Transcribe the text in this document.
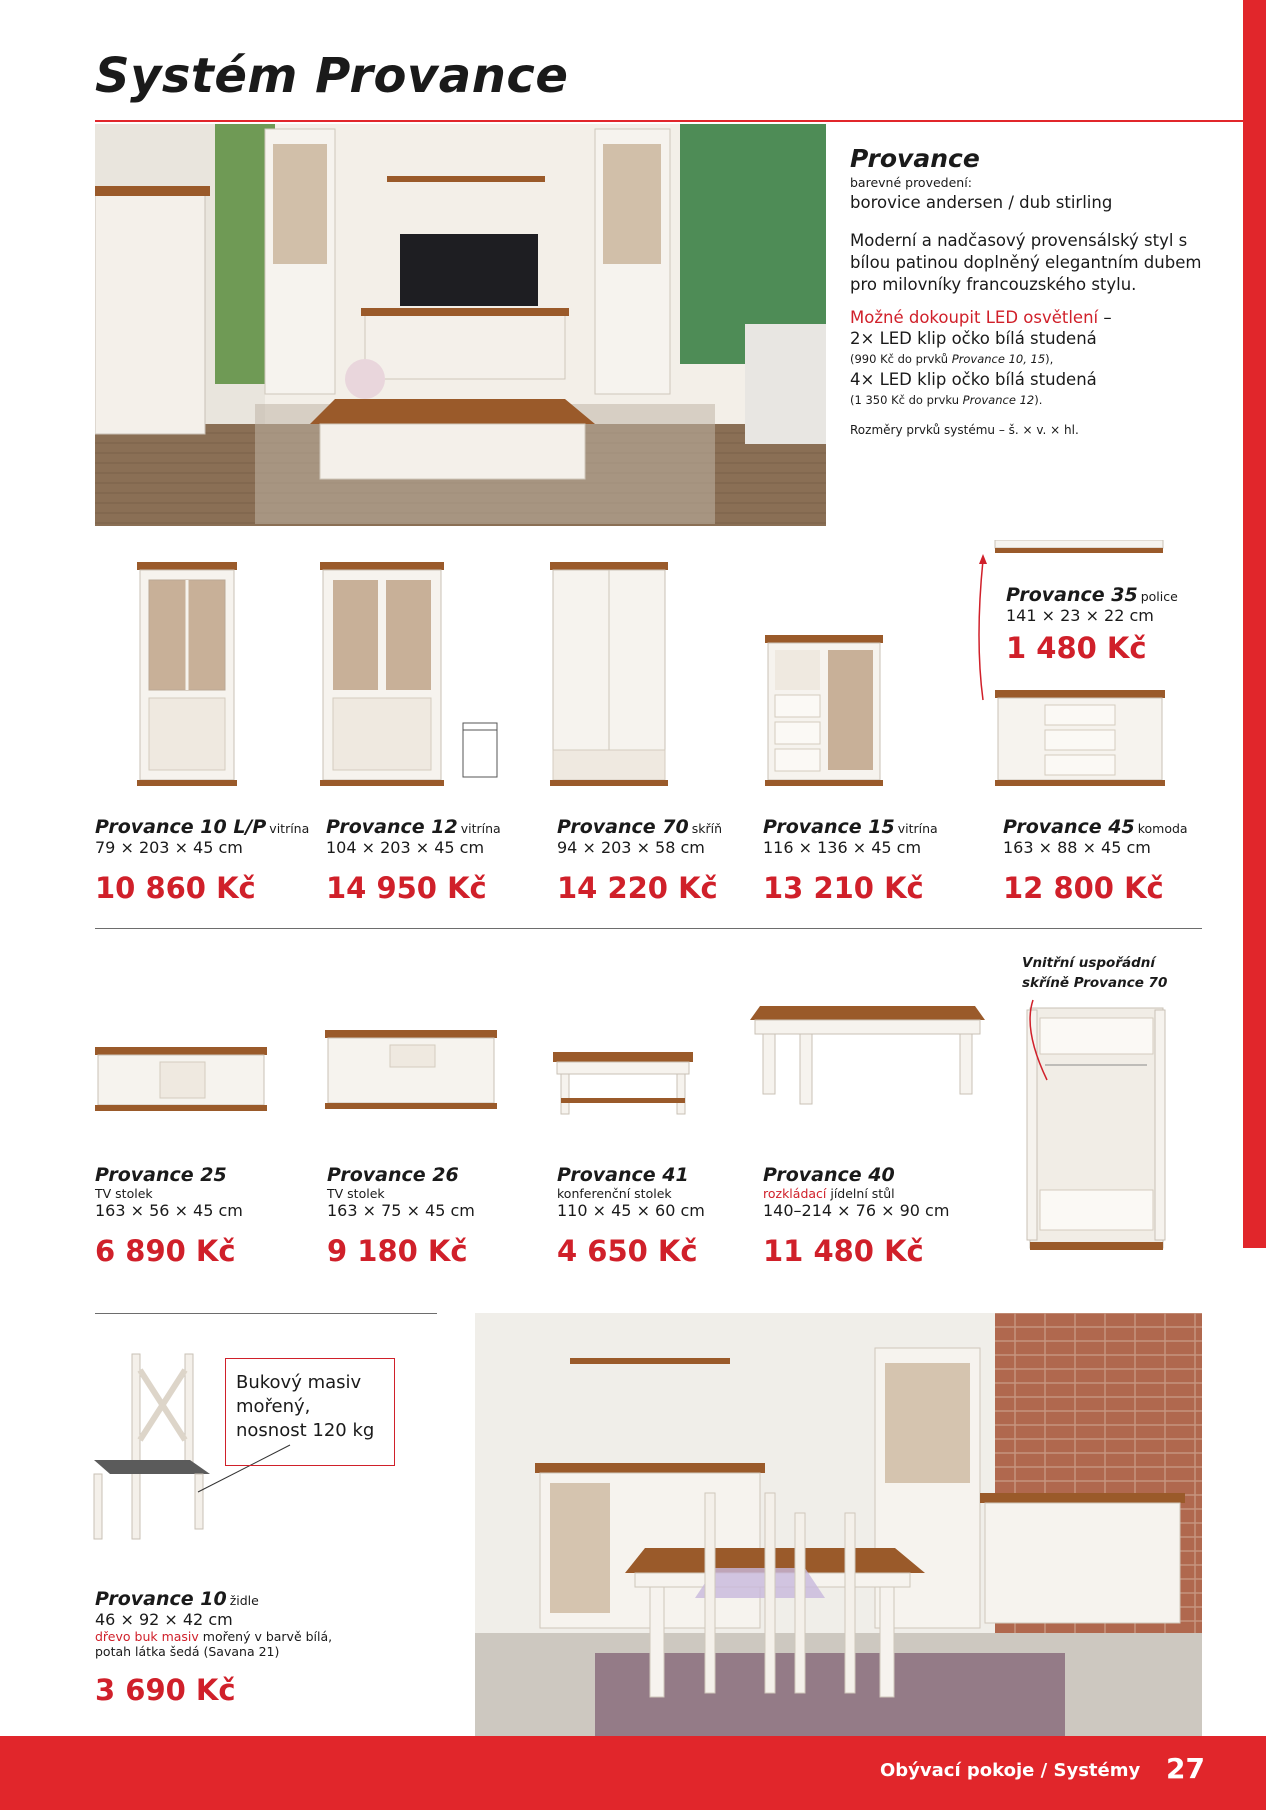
Systém Provance

Provance

barevné provedení:

borovice andersen / dub stirling

Moderní a nadčasový provensálský styl s bílou patinou doplněný elegantním dubem pro milovníky francouzského stylu.

Možné dokoupit LED osvětlení –

2× LED klip očko bílá studená

(990 Kč do prvků Provance 10, 15),

4× LED klip očko bílá studená

(1 350 Kč do prvku Provance 12).

Rozměry prvků systému – š. × v. × hl.

Provance 35 police
141 × 23 × 22 cm
1 480 Kč
Provance 10 L/P vitrína
79 × 203 × 45 cm
10 860 Kč
Provance 12 vitrína
104 × 203 × 45 cm
14 950 Kč
Provance 70 skříň
94 × 203 × 58 cm
14 220 Kč
Provance 15 vitrína
116 × 136 × 45 cm
13 210 Kč
Provance 45 komoda
163 × 88 × 45 cm
12 800 Kč
Vnitřní uspořádní
skříně Provance 70
Provance 25
TV stolek
163 × 56 × 45 cm
6 890 Kč
Provance 26
TV stolek
163 × 75 × 45 cm
9 180 Kč
Provance 41
konferenční stolek
110 × 45 × 60 cm
4 650 Kč
Provance 40
rozkládací jídelní stůl
140–214 × 76 × 90 cm
11 480 Kč
Bukový masiv
mořený,
nosnost 120 kg
Provance 10 židle
46 × 92 × 42 cm
dřevo buk masiv mořený v barvě bílá,
potah látka šedá (Savana 21)
3 690 Kč
Obývací pokoje / Systémy 27
